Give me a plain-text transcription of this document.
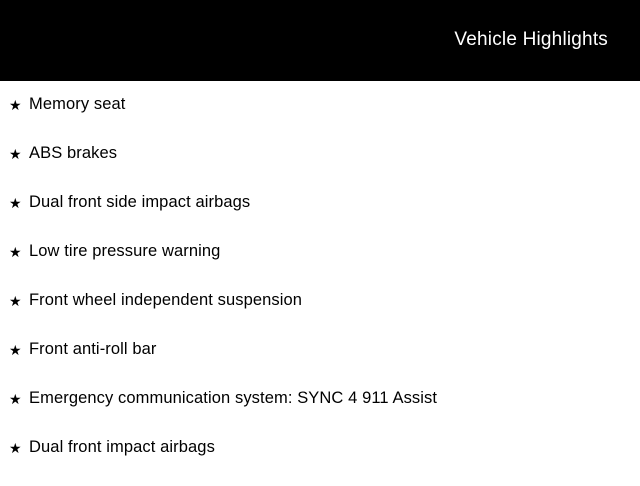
Vehicle Highlights
★ Memory seat
★ ABS brakes
★ Dual front side impact airbags
★ Low tire pressure warning
★ Front wheel independent suspension
★ Front anti-roll bar
★ Emergency communication system: SYNC 4 911 Assist
★ Dual front impact airbags
